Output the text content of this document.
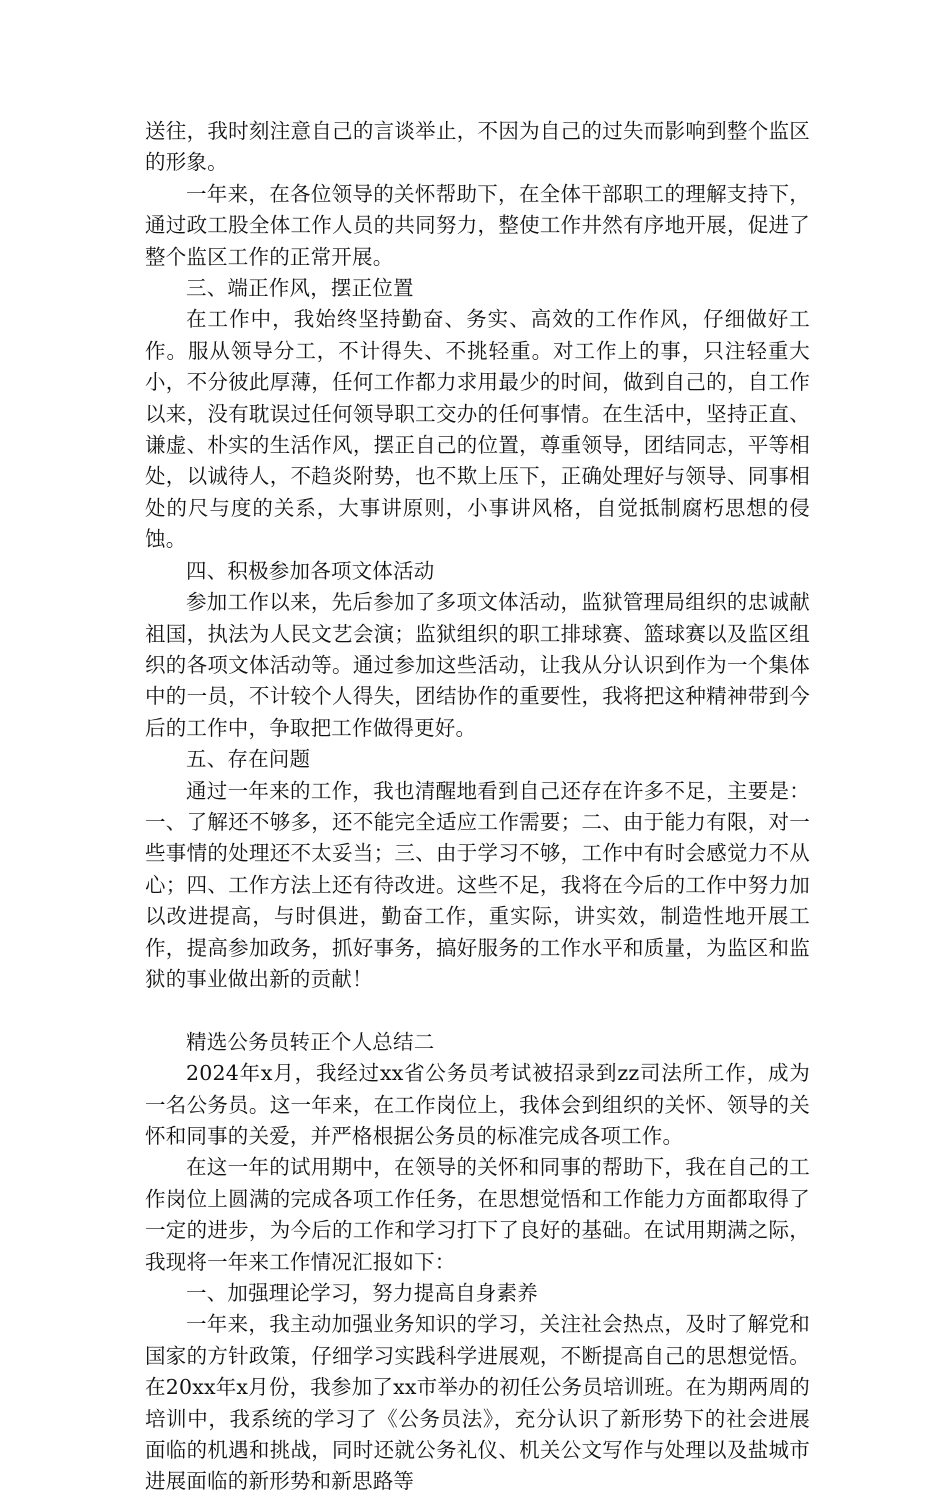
送往，我时刻注意自己的言谈举止，不因为自己的过失而影响到整个监区的形象。

一年来，在各位领导的关怀帮助下，在全体干部职工的理解支持下，通过政工股全体工作人员的共同努力，整使工作井然有序地开展，促进了整个监区工作的正常开展。

三、端正作风，摆正位置

在工作中，我始终坚持勤奋、务实、高效的工作作风，仔细做好工作。服从领导分工，不计得失、不挑轻重。对工作上的事，只注轻重大小，不分彼此厚薄，任何工作都力求用最少的时间，做到自己的，自工作以来，没有耽误过任何领导职工交办的任何事情。在生活中，坚持正直、谦虚、朴实的生活作风，摆正自己的位置，尊重领导，团结同志，平等相处，以诚待人，不趋炎附势，也不欺上压下，正确处理好与领导、同事相处的尺与度的关系，大事讲原则，小事讲风格，自觉抵制腐朽思想的侵蚀。

四、积极参加各项文体活动

参加工作以来，先后参加了多项文体活动，监狱管理局组织的忠诚献祖国，执法为人民文艺会演；监狱组织的职工排球赛、篮球赛以及监区组织的各项文体活动等。通过参加这些活动，让我从分认识到作为一个集体中的一员，不计较个人得失，团结协作的重要性，我将把这种精神带到今后的工作中，争取把工作做得更好。

五、存在问题

通过一年来的工作，我也清醒地看到自己还存在许多不足，主要是：一、了解还不够多，还不能完全适应工作需要；二、由于能力有限，对一些事情的处理还不太妥当；三、由于学习不够，工作中有时会感觉力不从心；四、工作方法上还有待改进。这些不足，我将在今后的工作中努力加以改进提高，与时俱进，勤奋工作，重实际，讲实效，制造性地开展工作，提高参加政务，抓好事务，搞好服务的工作水平和质量，为监区和监狱的事业做出新的贡献！

精选公务员转正个人总结二

2024年x月，我经过xx省公务员考试被招录到zz司法所工作，成为一名公务员。这一年来，在工作岗位上，我体会到组织的关怀、领导的关怀和同事的关爱，并严格根据公务员的标准完成各项工作。

在这一年的试用期中，在领导的关怀和同事的帮助下，我在自己的工作岗位上圆满的完成各项工作任务，在思想觉悟和工作能力方面都取得了一定的进步，为今后的工作和学习打下了良好的基础。在试用期满之际，我现将一年来工作情况汇报如下：

一、加强理论学习，努力提高自身素养

一年来，我主动加强业务知识的学习，关注社会热点，及时了解党和国家的方针政策，仔细学习实践科学进展观，不断提高自己的思想觉悟。在20xx年x月份，我参加了xx市举办的初任公务员培训班。在为期两周的培训中，我系统的学习了《公务员法》，充分认识了新形势下的社会进展面临的机遇和挑战，同时还就公务礼仪、机关公文写作与处理以及盐城市进展面临的新形势和新思路等
